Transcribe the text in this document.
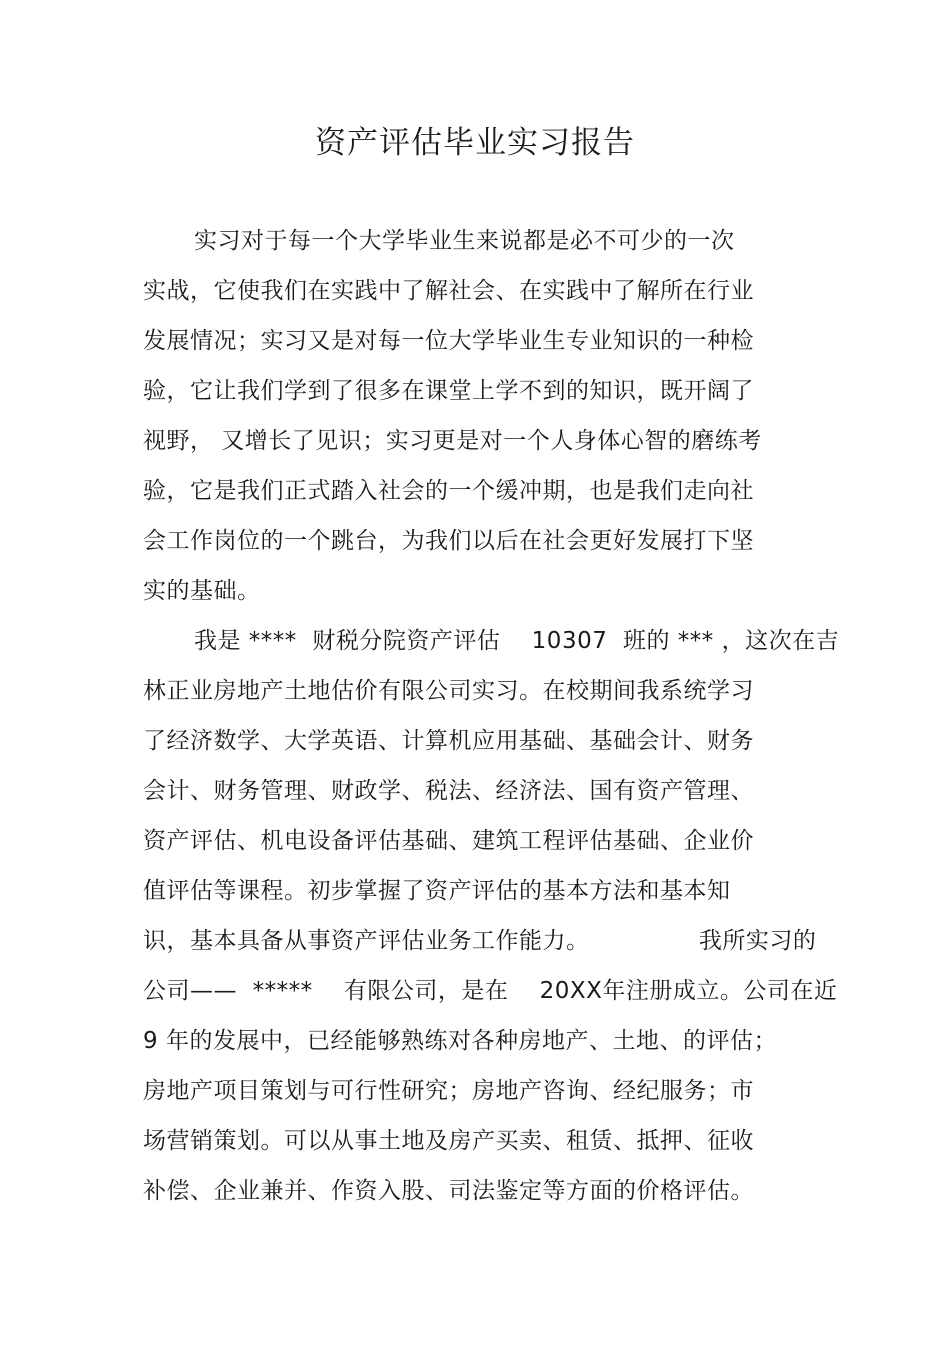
资产评估毕业实习报告
实习对于每一个大学毕业生来说都是必不可少的一次
实战，它使我们在实践中了解社会、在实践中了解所在行业
发展情况；实习又是对每一位大学毕业生专业知识的一种检
验，它让我们学到了很多在课堂上学不到的知识，既开阔了
视野， 又增长了见识；实习更是对一个人身体心智的磨练考
验，它是我们正式踏入社会的一个缓冲期，也是我们走向社
会工作岗位的一个跳台，为我们以后在社会更好发展打下坚
实的基础。
我是 ****  财税分院资产评估    10307  班的 *** ，这次在吉
林正业房地产土地估价有限公司实习。在校期间我系统学习
了经济数学、大学英语、计算机应用基础、基础会计、财务
会计、财务管理、财政学、税法、经济法、国有资产管理、
资产评估、机电设备评估基础、建筑工程评估基础、企业价
值评估等课程。初步掌握了资产评估的基本方法和基本知
识，基本具备从事资产评估业务工作能力。              我所实习的
公司——  *****    有限公司，是在    20XX年注册成立。公司在近
9 年的发展中，已经能够熟练对各种房地产、土地、的评估；
房地产项目策划与可行性研究；房地产咨询、经纪服务；市
场营销策划。可以从事土地及房产买卖、租赁、抵押、征收
补偿、企业兼并、作资入股、司法鉴定等方面的价格评估。
